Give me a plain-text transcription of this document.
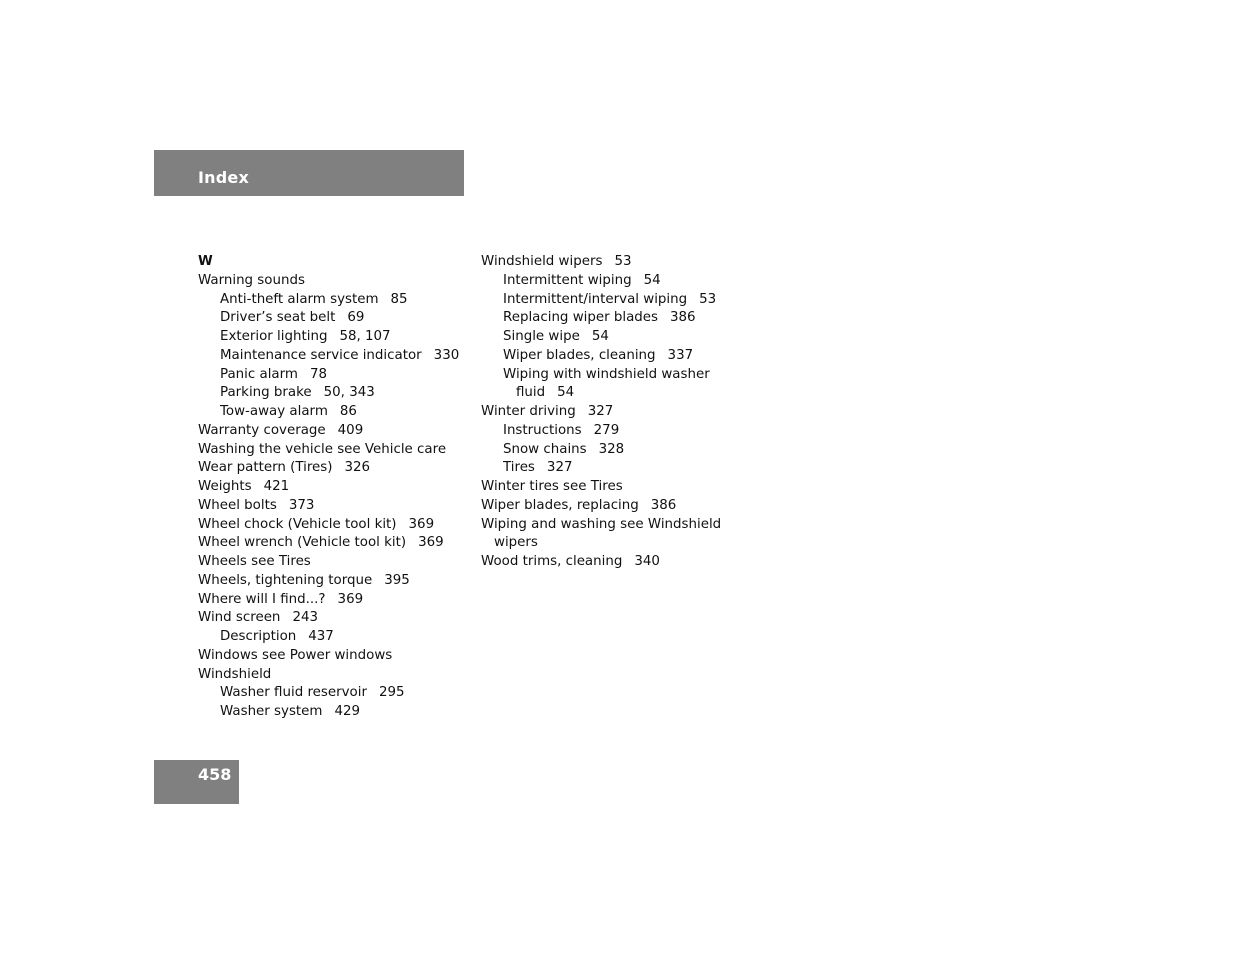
Index
W
Warning sounds
Anti-theft alarm system 85
Driver’s seat belt 69
Exterior lighting 58, 107
Maintenance service indicator 330
Panic alarm 78
Parking brake 50, 343
Tow-away alarm 86
Warranty coverage 409
Washing the vehicle see Vehicle care
Wear pattern (Tires) 326
Weights 421
Wheel bolts 373
Wheel chock (Vehicle tool kit) 369
Wheel wrench (Vehicle tool kit) 369
Wheels see Tires
Wheels, tightening torque 395
Where will I find...? 369
Wind screen 243
Description 437
Windows see Power windows
Windshield
Washer fluid reservoir 295
Washer system 429
Windshield wipers 53
Intermittent wiping 54
Intermittent/interval wiping 53
Replacing wiper blades 386
Single wipe 54
Wiper blades, cleaning 337
Wiping with windshield washer
fluid 54
Winter driving 327
Instructions 279
Snow chains 328
Tires 327
Winter tires see Tires
Wiper blades, replacing 386
Wiping and washing see Windshield
wipers
Wood trims, cleaning 340
458
